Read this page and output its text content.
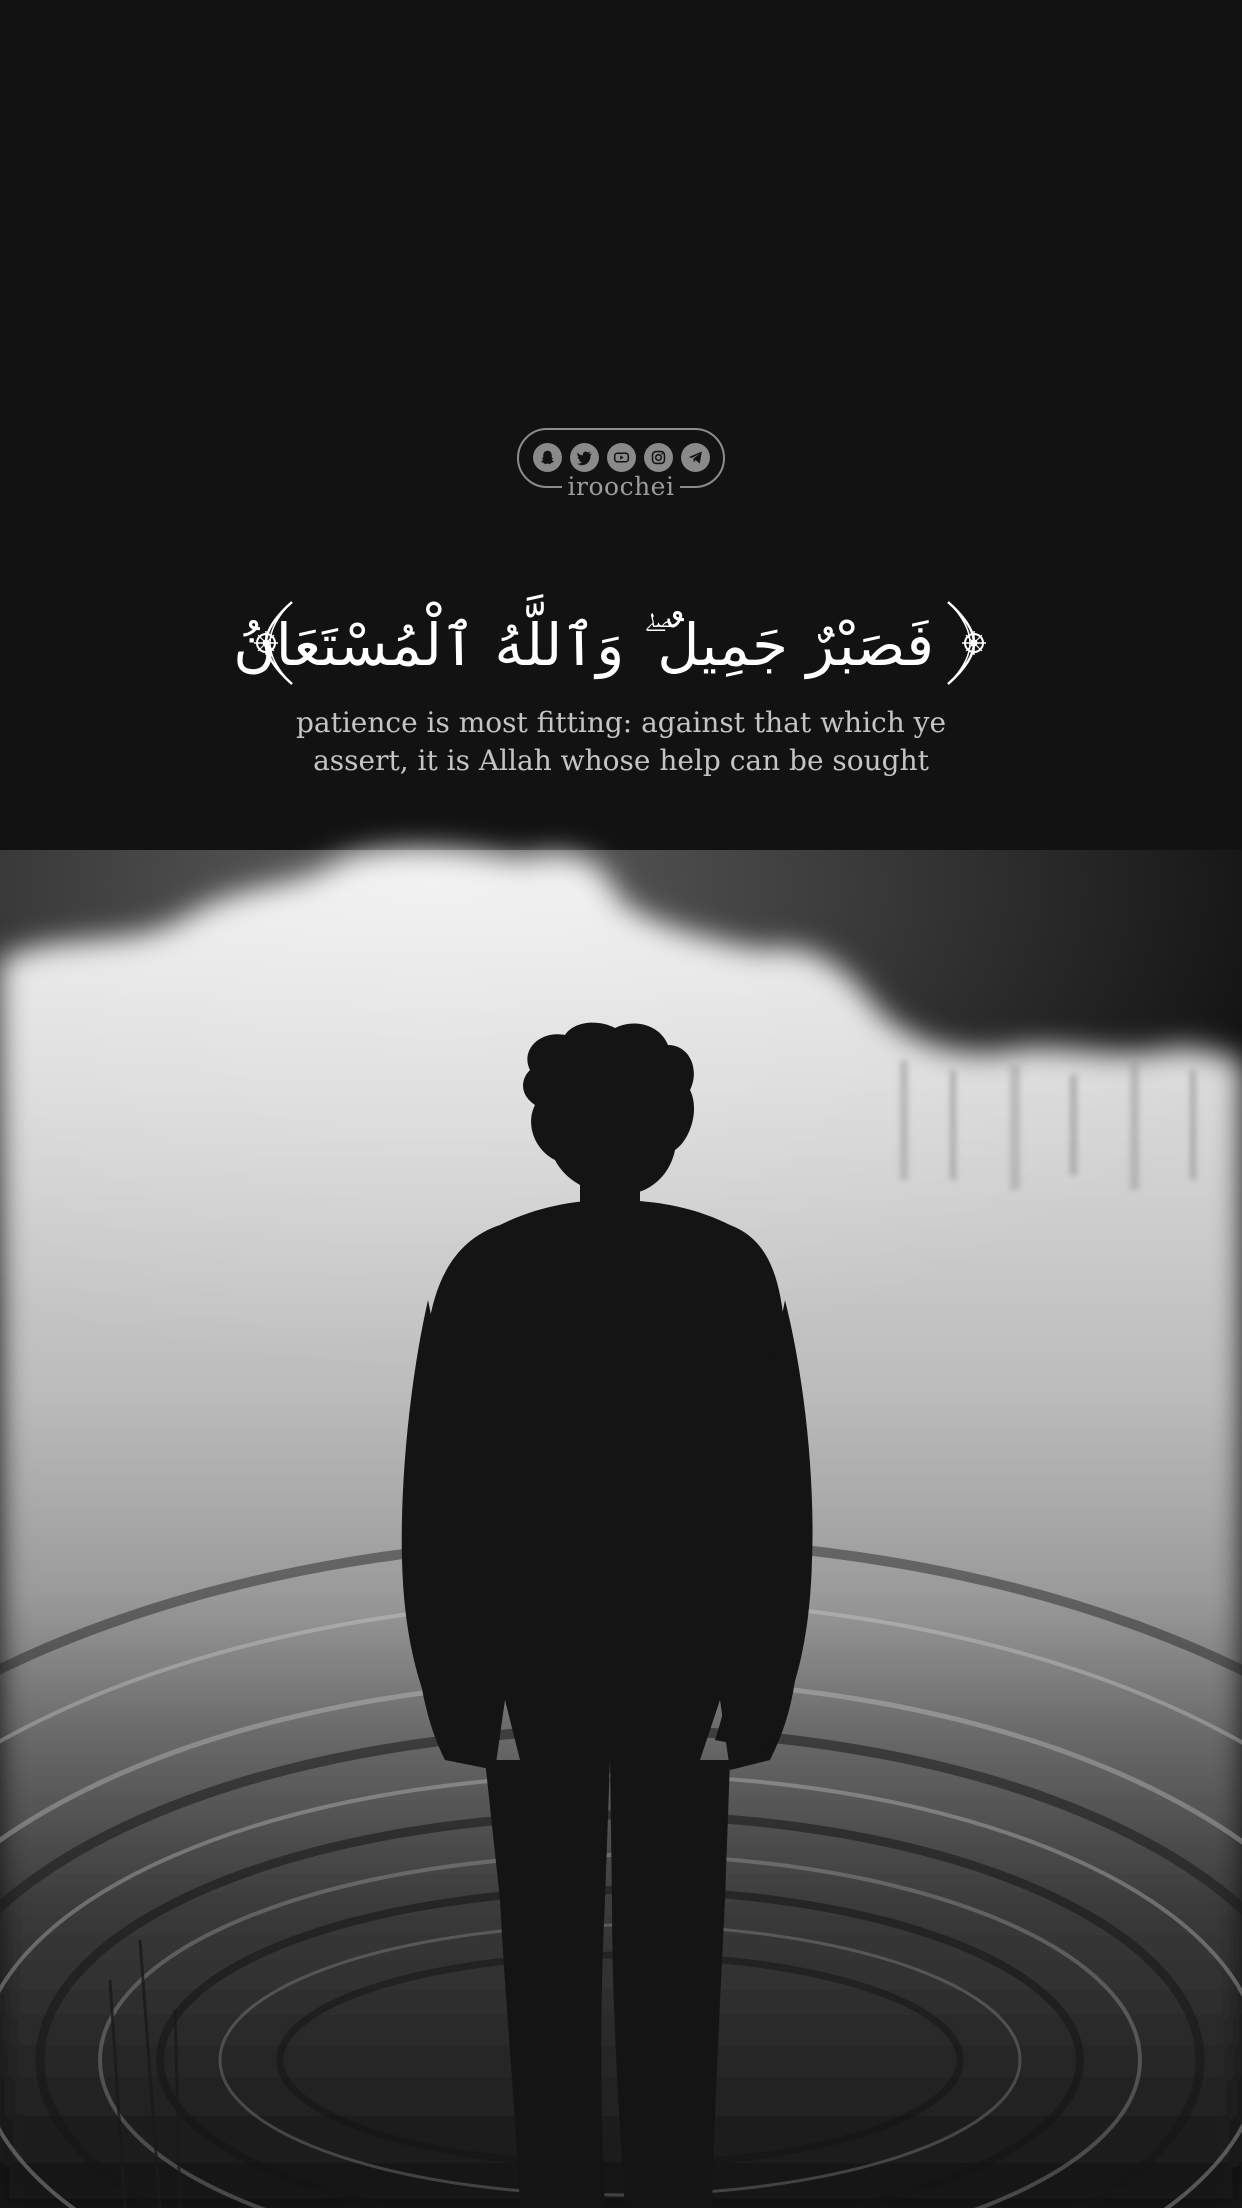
iroochei
فَصَبْرٌ جَمِيلٌ ۖ وَٱللَّهُ ٱلْمُسْتَعَانُ
patience is most fitting: against that which ye
assert, it is Allah whose help can be sought
